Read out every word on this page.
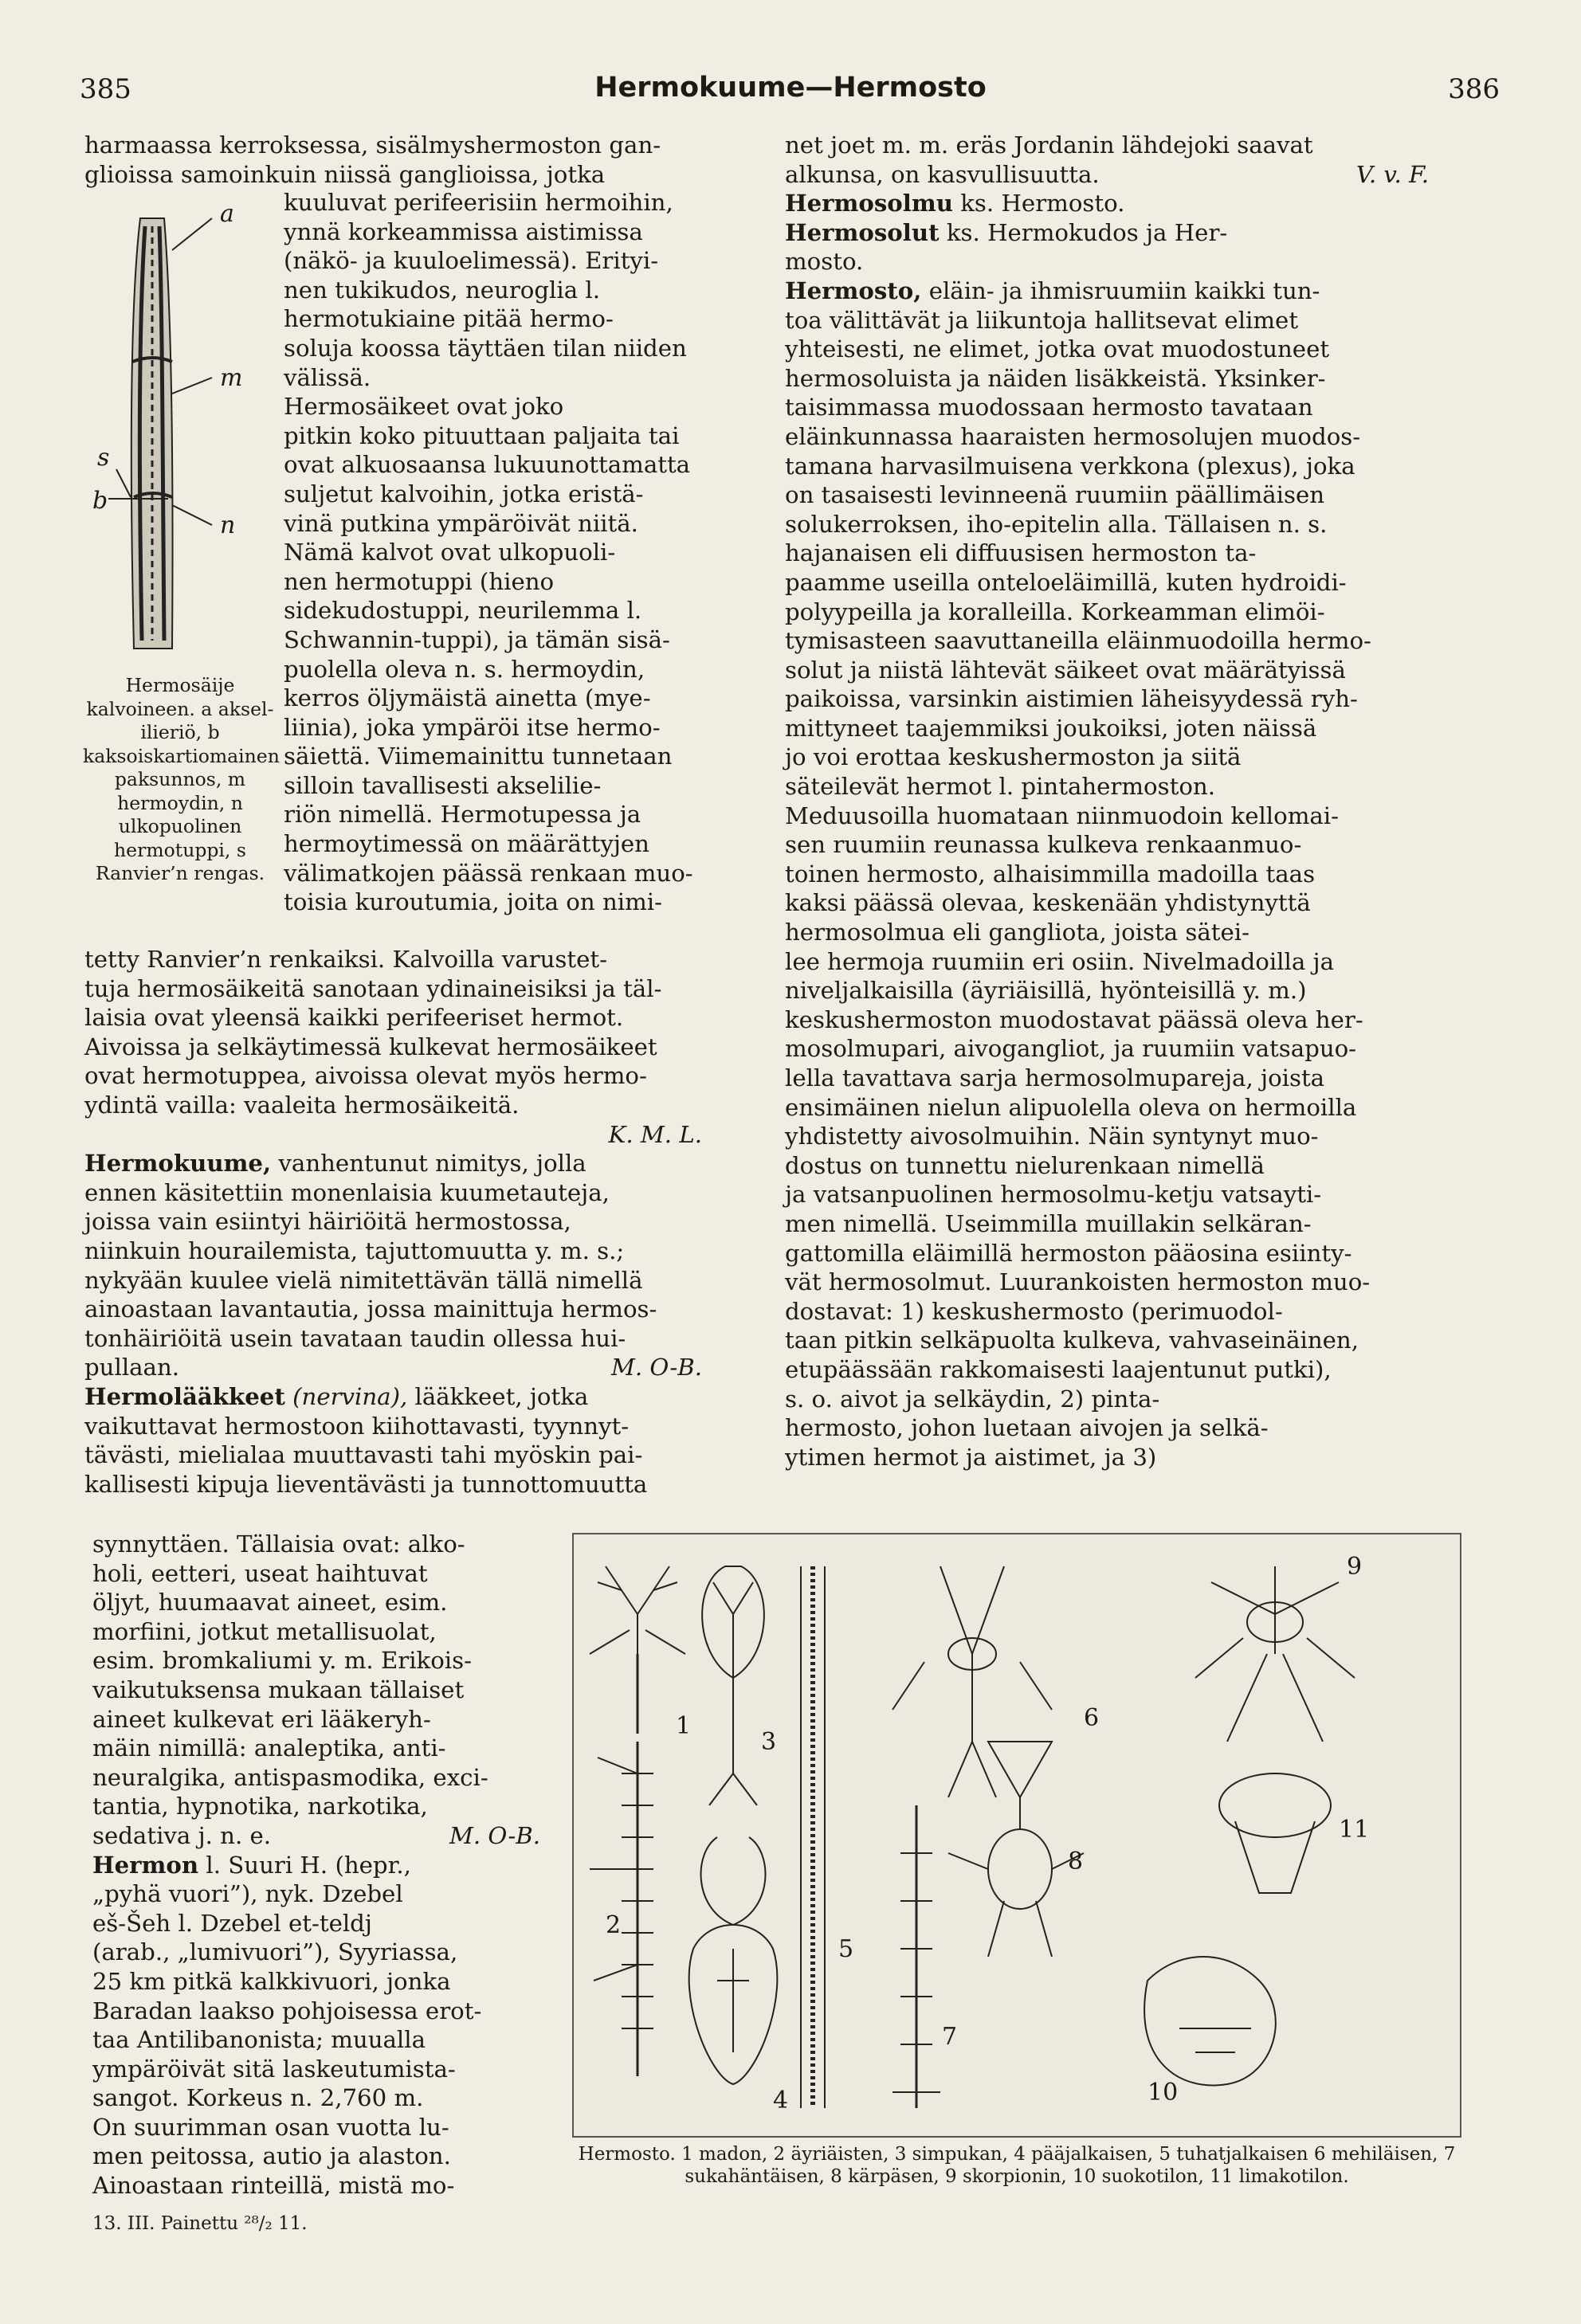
385	Hermokuume—Hermosto	386

harmaassa kerroksessa, sisälmyshermoston gan-

glioissa samoinkuin niissä ganglioissa, jotka

kuuluvat perifeerisiin hermoihin,

ynnä korkeammissa aistimissa

(näkö- ja kuuloelimessä). Erityi-

nen tukikudos, neuroglia l.

hermotukiaine pitää hermo-

soluja koossa täyttäen tilan niiden

välissä.

Hermosäikeet ovat joko

pitkin koko pituuttaan paljaita tai

ovat alkuosaansa lukuunottamatta

suljetut kalvoihin, jotka eristä-

vinä putkina ympäröivät niitä.

Nämä kalvot ovat ulkopuoli-

nen hermotuppi (hieno

sidekudostuppi, neurilemma l.

Schwannin-tuppi), ja tämän sisä-

puolella oleva n. s. hermoydin,

kerros öljymäistä ainetta (mye-

liinia), joka ympäröi itse hermo-

säiettä. Viimemainittu tunnetaan

silloin tavallisesti akselilie-

riön nimellä. Hermotupessa ja

hermoytimessä on määrättyjen

välimatkojen päässä renkaan muo-

toisia kuroutumia, joita on nimi-

a
m
s
b
n
Hermosäije kalvoineen. a akselilieriö, b kaksoiskartiomainen paksunnos, m hermoydin, n ulkopuolinen hermotuppi, s Ranvier’n rengas.

tetty Ranvier’n renkaiksi. Kalvoilla varustet-

tuja hermosäikeitä sanotaan ydinaineisiksi ja täl-

laisia ovat yleensä kaikki perifeeriset hermot.

Aivoissa ja selkäytimessä kulkevat hermosäikeet

ovat hermotuppea, aivoissa olevat myös hermo-

ydintä vailla: vaaleita hermosäikeitä.

K. M. L.

Hermokuume, vanhentunut nimitys, jolla

ennen käsitettiin monenlaisia kuumetauteja,

joissa vain esiintyi häiriöitä hermostossa,

niinkuin hourailemista, tajuttomuutta y. m. s.;

nykyään kuulee vielä nimitettävän tällä nimellä

ainoastaan lavantautia, jossa mainittuja hermos-

tonhäiriöitä usein tavataan taudin ollessa hui-

pullaan.	M. O-B.

Hermolääkkeet (nervina), lääkkeet, jotka

vaikuttavat hermostoon kiihottavasti, tyynnyt-

tävästi, mielialaa muuttavasti tahi myöskin pai-

kallisesti kipuja lieventävästi ja tunnottomuutta

synnyttäen. Tällaisia ovat: alko-

holi, eetteri, useat haihtuvat

öljyt, huumaavat aineet, esim.

morfiini, jotkut metallisuolat,

esim. bromkaliumi y. m. Erikois-

vaikutuksensa mukaan tällaiset

aineet kulkevat eri lääkeryh-

mäin nimillä: analeptika, anti-

neuralgika, antispasmodika, exci-

tantia, hypnotika, narkotika,

sedativa j. n. e.	M. O-B.

Hermon l. Suuri H. (hepr.,

„pyhä vuori”), nyk. Dzebel

eš-Šeh l. Dzebel et-teldj

(arab., „lumivuori”), Syyriassa,

25 km pitkä kalkkivuori, jonka

Baradan laakso pohjoisessa erot-

taa Antilibanonista; muualla

ympäröivät sitä laskeutumista-

sangot. Korkeus n. 2,760 m.

On suurimman osan vuotta lu-

men peitossa, autio ja alaston.

Ainoastaan rinteillä, mistä mo-

net joet m. m. eräs Jordanin lähdejoki saavat

alkunsa, on kasvullisuutta.	V. v. F.

Hermosolmu ks. Hermosto.

Hermosolut ks. Hermokudos ja Her-

mosto.

Hermosto, eläin- ja ihmisruumiin kaikki tun-

toa välittävät ja liikuntoja hallitsevat elimet

yhteisesti, ne elimet, jotka ovat muodostuneet

hermosoluista ja näiden lisäkkeistä. Yksinker-

taisimmassa muodossaan hermosto tavataan

eläinkunnassa haaraisten hermosolujen muodos-

tamana harvasilmuisena verkkona (plexus), joka

on tasaisesti levinneenä ruumiin päällimäisen

solukerroksen, iho-epitelin alla. Tällaisen n. s.

hajanaisen eli diffuusisen hermoston ta-

paamme useilla onteloeläimillä, kuten hydroidi-

polyypeilla ja koralleilla. Korkeamman elimöi-

tymisasteen saavuttaneilla eläinmuodoilla hermo-

solut ja niistä lähtevät säikeet ovat määrätyissä

paikoissa, varsinkin aistimien läheisyydessä ryh-

mittyneet taajemmiksi joukoiksi, joten näissä

jo voi erottaa keskushermoston ja siitä

säteilevät hermot l. pintahermoston.

Meduusoilla huomataan niinmuodoin kellomai-

sen ruumiin reunassa kulkeva renkaanmuo-

toinen hermosto, alhaisimmilla madoilla taas

kaksi päässä olevaa, keskenään yhdistynyttä

hermosolmua eli gangliota, joista sätei-

lee hermoja ruumiin eri osiin. Nivelmadoilla ja

niveljalkaisilla (äyriäisillä, hyönteisillä y. m.)

keskushermoston muodostavat päässä oleva her-

mosolmupari, aivogangliot, ja ruumiin vatsapuo-

lella tavattava sarja hermosolmupareja, joista

ensimäinen nielun alipuolella oleva on hermoilla

yhdistetty aivosolmuihin. Näin syntynyt muo-

dostus on tunnettu nielurenkaan nimellä

ja vatsanpuolinen hermosolmu-ketju vatsayti-

men nimellä. Useimmilla muillakin selkäran-

gattomilla eläimillä hermoston pääosina esiinty-

vät hermosolmut. Luurankoisten hermoston muo-

dostavat: 1) keskushermosto (perimuodol-

taan pitkin selkäpuolta kulkeva, vahvaseinäinen,

etupäässään rakkomaisesti laajentunut putki),

s. o. aivot ja selkäydin, 2) pinta-

hermosto, johon luetaan aivojen ja selkä-

ytimen hermot ja aistimet, ja 3)

1
2
3
4
5
6
7
8
9
10
11
Hermosto. 1 madon, 2 äyriäisten, 3 simpukan, 4 pääjalkaisen, 5 tuhatjalkaisen 6 mehiläisen, 7 sukahäntäisen, 8 kärpäsen, 9 skorpionin, 10 suokotilon, 11 limakotilon.
13. III. Painettu ²⁸/₂ 11.
